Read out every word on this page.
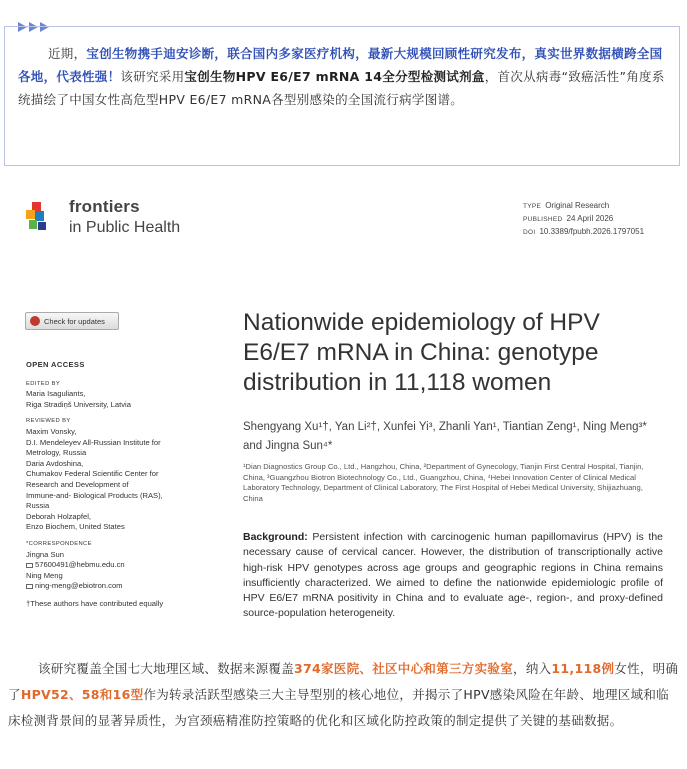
近期，宝创生物携手迪安诊断，联合国内多家医疗机构，最新大规模回顾性研究发布，真实世界数据横跨全国各地，代表性强！该研究采用宝创生物HPV E6/E7 mRNA 14全分型检测试剂盒，首次从病毒“致癌活性”角度系统描绘了中国女性高危型HPV E6/E7 mRNA各型别感染的全国流行病学图谱。
frontiers
in Public Health
TYPE Original Research
PUBLISHED 24 April 2026
DOI 10.3389/fpubh.2026.1797051
Check for updates
OPEN ACCESS
EDITED BY
Maria Isaguliants,
Riga Stradiņš University, Latvia
REVIEWED BY
Maxim Vonsky,
D.I. Mendeleyev All-Russian Institute for
Metrology, Russia
Daria Avdoshina,
Chumakov Federal Scientific Center for
Research and Development of
Immune-and- Biological Products (RAS),
Russia
Deborah Holzapfel,
Enzo Biochem, United States
*CORRESPONDENCE
Jingna Sun
57600491@hebmu.edu.cn
Ning Meng
ning-meng@ebiotron.com
†These authors have contributed equally
Nationwide epidemiology of HPV E6/E7 mRNA in China: genotype distribution in 11,118 women
Shengyang Xu¹†, Yan Li²†, Xunfei Yi³, Zhanli Yan¹, Tiantian Zeng¹, Ning Meng³* and Jingna Sun⁴*
¹Dian Diagnostics Group Co., Ltd., Hangzhou, China, ²Department of Gynecology, Tianjin First Central Hospital, Tianjin, China, ³Guangzhou Biotron Biotechnology Co., Ltd., Guangzhou, China, ⁴Hebei Innovation Center of Clinical Medical Laboratory Technology, Department of Clinical Laboratory, The First Hospital of Hebei Medical University, Shijiazhuang, China
Background: Persistent infection with carcinogenic human papillomavirus (HPV) is the necessary cause of cervical cancer. However, the distribution of transcriptionally active high-risk HPV genotypes across age groups and geographic regions in China remains insufficiently characterized. We aimed to define the nationwide epidemiologic profile of HPV E6/E7 mRNA positivity in China and to evaluate age-, region-, and proxy-defined source-population heterogeneity.
该研究覆盖全国七大地理区域、数据来源覆盖374家医院、社区中心和第三方实验室，纳入11,118例女性，明确了HPV52、58和16型作为转录活跃型感染三大主导型别的核心地位，并揭示了HPV感染风险在年龄、地理区域和临床检测背景间的显著异质性，为宫颈癌精准防控策略的优化和区域化防控政策的制定提供了关键的基础数据。
